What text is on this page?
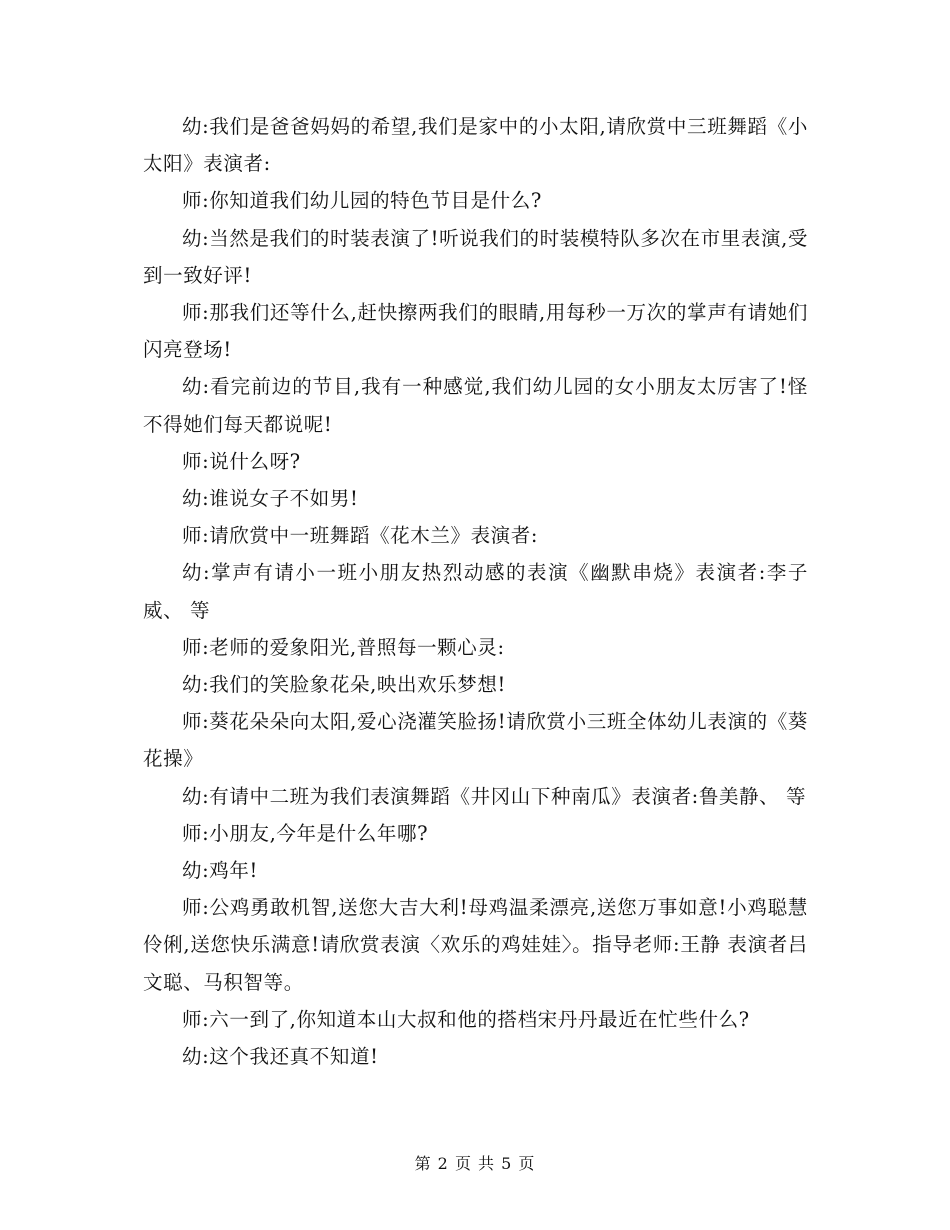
幼:我们是爸爸妈妈的希望,我们是家中的小太阳,请欣赏中三班舞蹈《小太阳》表演者:

师:你知道我们幼儿园的特色节目是什么?

幼:当然是我们的时装表演了!听说我们的时装模特队多次在市里表演,受到一致好评!

师:那我们还等什么,赶快擦两我们的眼睛,用每秒一万次的掌声有请她们闪亮登场!

幼:看完前边的节目,我有一种感觉,我们幼儿园的女小朋友太厉害了!怪不得她们每天都说呢!

师:说什么呀?

幼:谁说女子不如男!

师:请欣赏中一班舞蹈《花木兰》表演者:

幼:掌声有请小一班小朋友热烈动感的表演《幽默串烧》表演者:李子威、 等

师:老师的爱象阳光,普照每一颗心灵:

幼:我们的笑脸象花朵,映出欢乐梦想!

师:葵花朵朵向太阳,爱心浇灌笑脸扬!请欣赏小三班全体幼儿表演的《葵花操》

幼:有请中二班为我们表演舞蹈《井冈山下种南瓜》表演者:鲁美静、 等

师:小朋友,今年是什么年哪?

幼:鸡年!

师:公鸡勇敢机智,送您大吉大利!母鸡温柔漂亮,送您万事如意!小鸡聪慧伶俐,送您快乐满意!请欣赏表演〈欢乐的鸡娃娃〉。指导老师:王静 表演者吕文聪、马积智等。

师:六一到了,你知道本山大叔和他的搭档宋丹丹最近在忙些什么?

幼:这个我还真不知道!

第 2 页 共 5 页
